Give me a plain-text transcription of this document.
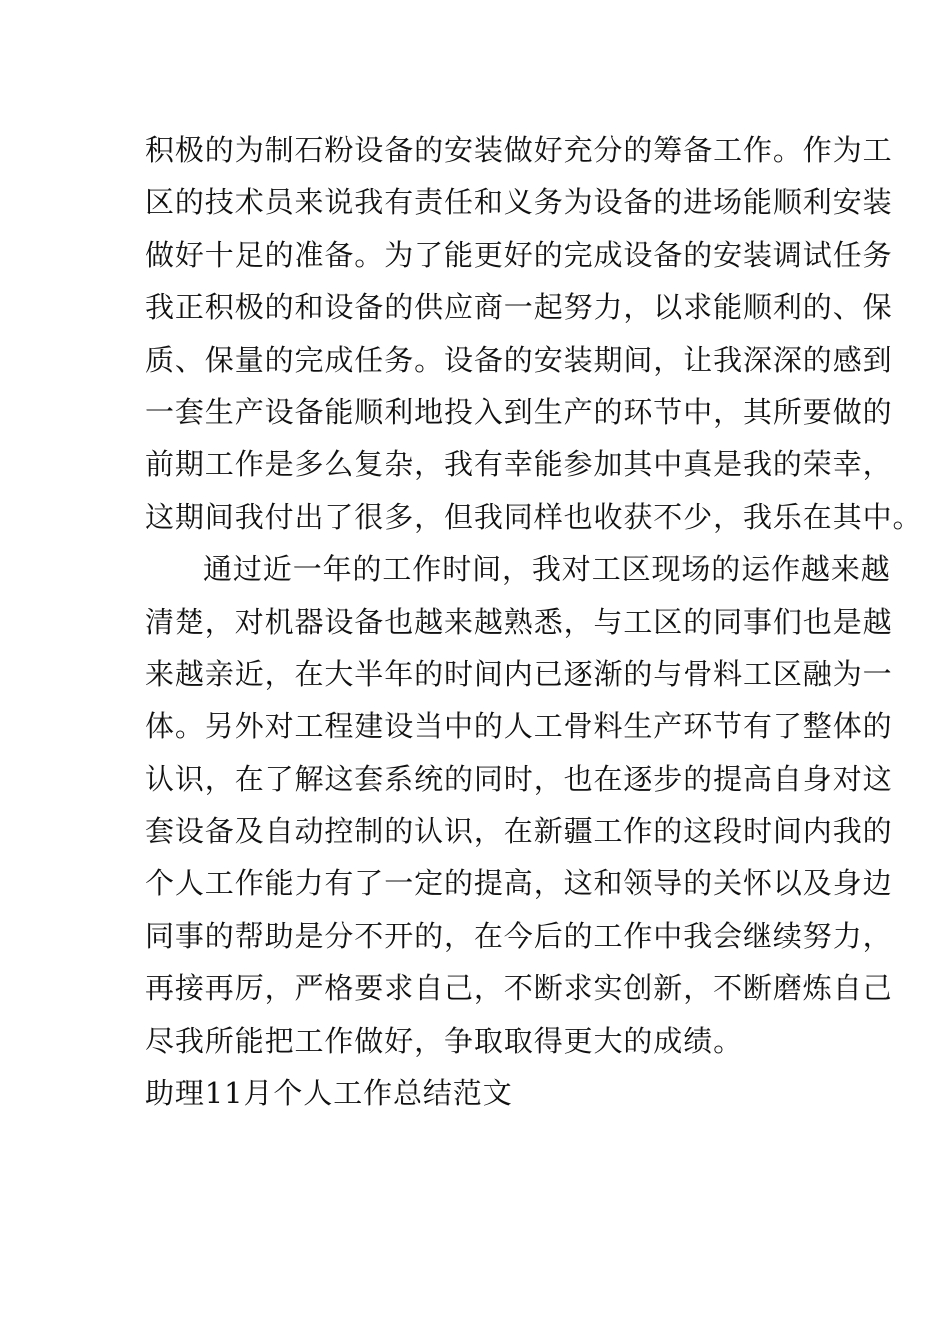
积极的为制石粉设备的安装做好充分的筹备工作。作为工
区的技术员来说我有责任和义务为设备的进场能顺利安装
做好十足的准备。为了能更好的完成设备的安装调试任务
我正积极的和设备的供应商一起努力，以求能顺利的、保
质、保量的完成任务。设备的安装期间，让我深深的感到
一套生产设备能顺利地投入到生产的环节中，其所要做的
前期工作是多么复杂，我有幸能参加其中真是我的荣幸，
这期间我付出了很多，但我同样也收获不少，我乐在其中。
通过近一年的工作时间，我对工区现场的运作越来越
清楚，对机器设备也越来越熟悉，与工区的同事们也是越
来越亲近，在大半年的时间内已逐渐的与骨料工区融为一
体。另外对工程建设当中的人工骨料生产环节有了整体的
认识，在了解这套系统的同时，也在逐步的提高自身对这
套设备及自动控制的认识，在新疆工作的这段时间内我的
个人工作能力有了一定的提高，这和领导的关怀以及身边
同事的帮助是分不开的，在今后的工作中我会继续努力，
再接再厉，严格要求自己，不断求实创新，不断磨炼自己
尽我所能把工作做好，争取取得更大的成绩。
助理11月个人工作总结范文
